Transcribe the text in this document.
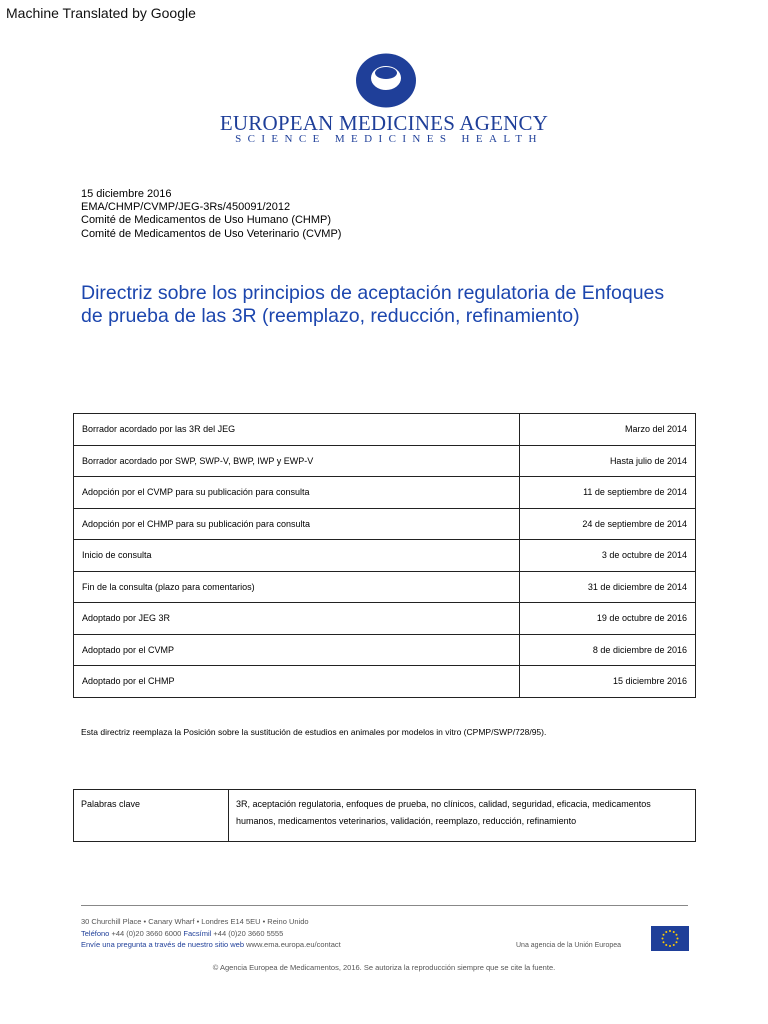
Machine Translated by Google
EUROPEAN MEDICINES AGENCY
SCIENCE MEDICINES HEALTH
15 diciembre 2016
EMA/CHMP/CVMP/JEG-3Rs/450091/2012
Comité de Medicamentos de Uso Humano (CHMP)
Comité de Medicamentos de Uso Veterinario (CVMP)
Directriz sobre los principios de aceptación regulatoria de Enfoques de prueba de las 3R (reemplazo, reducción, refinamiento)
Borrador acordado por las 3R del JEG	Marzo del 2014
Borrador acordado por SWP, SWP-V, BWP, IWP y EWP-V	Hasta julio de 2014
Adopción por el CVMP para su publicación para consulta	11 de septiembre de 2014
Adopción por el CHMP para su publicación para consulta	24 de septiembre de 2014
Inicio de consulta	3 de octubre de 2014
Fin de la consulta (plazo para comentarios)	31 de diciembre de 2014
Adoptado por JEG 3R	19 de octubre de 2016
Adoptado por el CVMP	8 de diciembre de 2016
Adoptado por el CHMP	15 diciembre 2016
Esta directriz reemplaza la Posición sobre la sustitución de estudios en animales por modelos in vitro (CPMP/SWP/728/95).
Palabras clave	3R, aceptación regulatoria, enfoques de prueba, no clínicos, calidad, seguridad, eficacia, medicamentos humanos, medicamentos veterinarios, validación, reemplazo, reducción, refinamiento
30 Churchill Place • Canary Wharf • Londres E14 5EU • Reino Unido
Teléfono +44 (0)20 3660 6000 Facsímil +44 (0)20 3660 5555
Envíe una pregunta a través de nuestro sitio web www.ema.europa.eu/contact	Una agencia de la Unión Europea
© Agencia Europea de Medicamentos, 2016. Se autoriza la reproducción siempre que se cite la fuente.
